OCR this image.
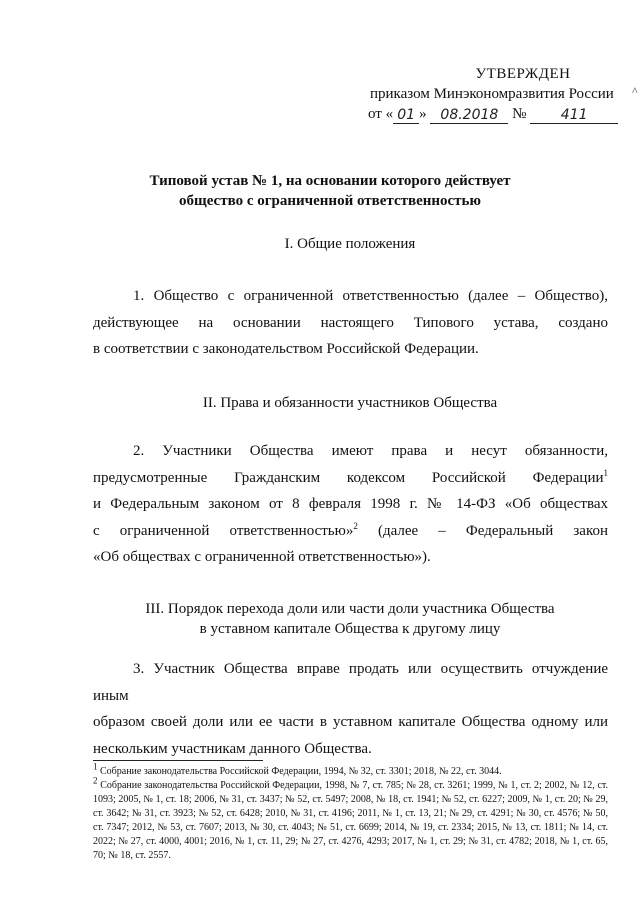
УТВЕРЖДЕН
приказом Минэкономразвития России
от « 01 »
08.2018
№
	411
^
Типовой устав № 1, на основании которого действует
общество с ограниченной ответственностью
I. Общие положения
1. Общество с ограниченной ответственностью (далее – Общество),
действующее на основании настоящего Типового устава, создано
в соответствии с законодательством Российской Федерации.
II. Права и обязанности участников Общества
2. Участники Общества имеют права и несут обязанности,
предусмотренные Гражданским кодексом Российской Федерации$^1$
и Федеральным законом от 8 февраля 1998 г. № 14-ФЗ «Об обществах
с ограниченной ответственностью»$^2$ (далее – Федеральный закон
«Об обществах с ограниченной ответственностью»).
III. Порядок перехода доли или части доли участника Общества
в уставном капитале Общества к другому лицу
3. Участник Общества вправе продать или осуществить отчуждение иным
образом своей доли или ее части в уставном капитале Общества одному или
нескольким участникам данного Общества.
$^1$ Собрание законодательства Российской Федерации, 1994, № 32, ст. 3301; 2018, № 22, ст. 3044.
$^2$ Собрание законодательства Российской Федерации, 1998, № 7, ст. 785; № 28, ст. 3261; 1999, № 1, ст. 2; 2002, № 12, ст. 1093; 2005, № 1, ст. 18; 2006, № 31, ст. 3437; № 52, ст. 5497; 2008, № 18, ст. 1941; № 52, ст. 6227; 2009, № 1, ст. 20; № 29, ст. 3642; № 31, ст. 3923; № 52, ст. 6428; 2010, № 31, ст. 4196; 2011, № 1, ст. 13, 21; № 29, ст. 4291; № 30, ст. 4576; № 50, ст. 7347; 2012, № 53, ст. 7607; 2013, № 30, ст. 4043; № 51, ст. 6699; 2014, № 19, ст. 2334; 2015, № 13, ст. 1811; № 14, ст. 2022; № 27, ст. 4000, 4001; 2016, № 1, ст. 11, 29; № 27, ст. 4276, 4293; 2017, № 1, ст. 29; № 31, ст. 4782; 2018, № 1, ст. 65, 70; № 18, ст. 2557.
